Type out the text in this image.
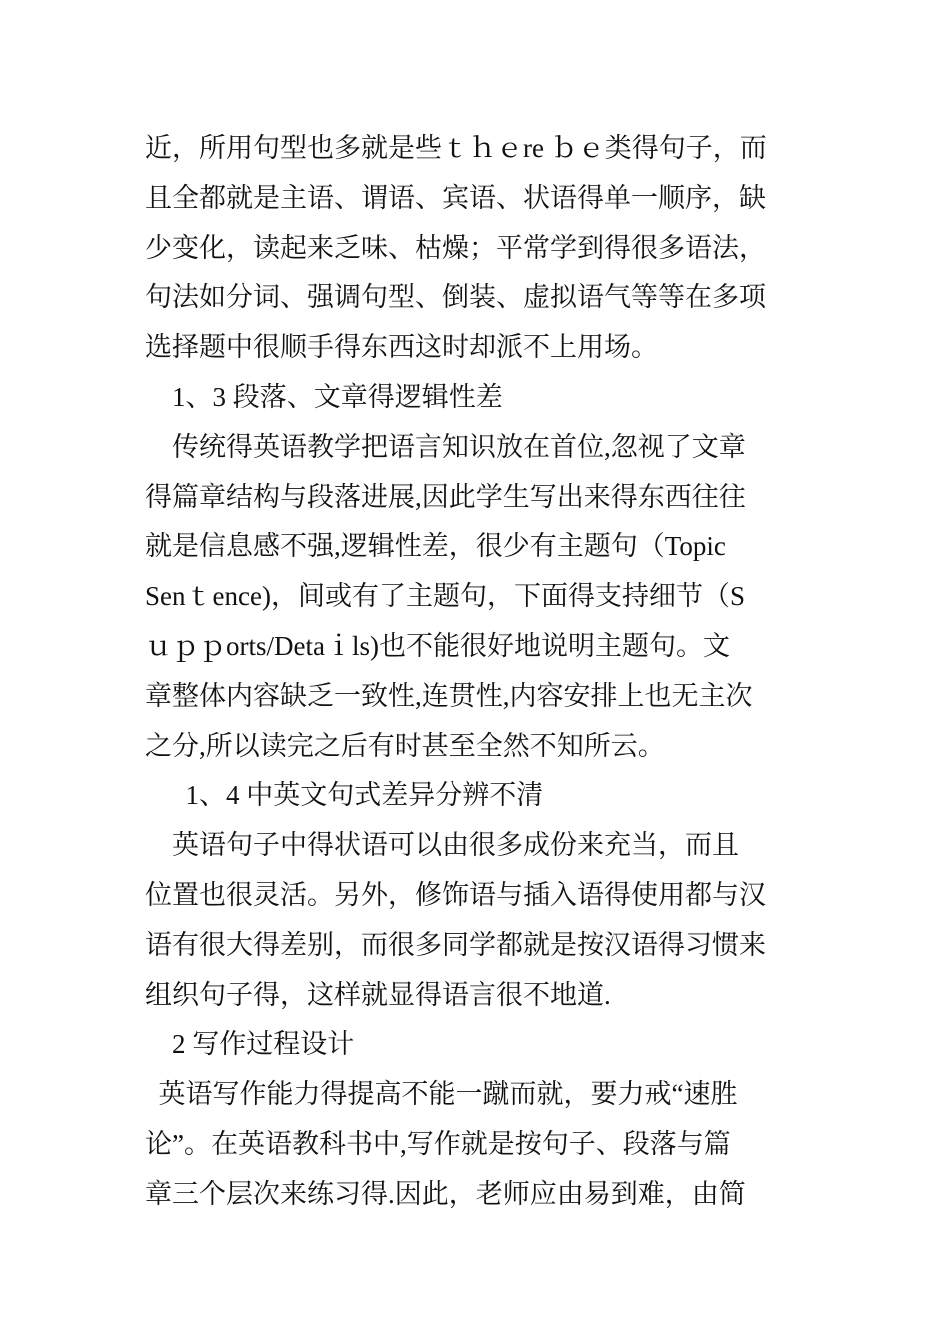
近，所用句型也多就是些ｔｈｅre ｂｅ类得句子，而
且全都就是主语、谓语、宾语、状语得单一顺序，缺
少变化，读起来乏味、枯燥；平常学到得很多语法，
句法如分词、强调句型、倒装、虚拟语气等等在多项
选择题中很顺手得东西这时却派不上用场。
1、3 段落、文章得逻辑性差
传统得英语教学把语言知识放在首位,忽视了文章
得篇章结构与段落进展,因此学生写出来得东西往往
就是信息感不强,逻辑性差，很少有主题句（Topic
Senｔence)，间或有了主题句，下面得支持细节（S
ｕｐｐorts/Detaｉls)也不能很好地说明主题句。文
章整体内容缺乏一致性,连贯性,内容安排上也无主次
之分,所以读完之后有时甚至全然不知所云。
1、4 中英文句式差异分辨不清
英语句子中得状语可以由很多成份来充当，而且
位置也很灵活。另外，修饰语与插入语得使用都与汉
语有很大得差别，而很多同学都就是按汉语得习惯来
组织句子得，这样就显得语言很不地道.
2 写作过程设计
英语写作能力得提高不能一蹴而就，要力戒“速胜
论”。在英语教科书中,写作就是按句子、段落与篇
章三个层次来练习得.因此，老师应由易到难，由简
